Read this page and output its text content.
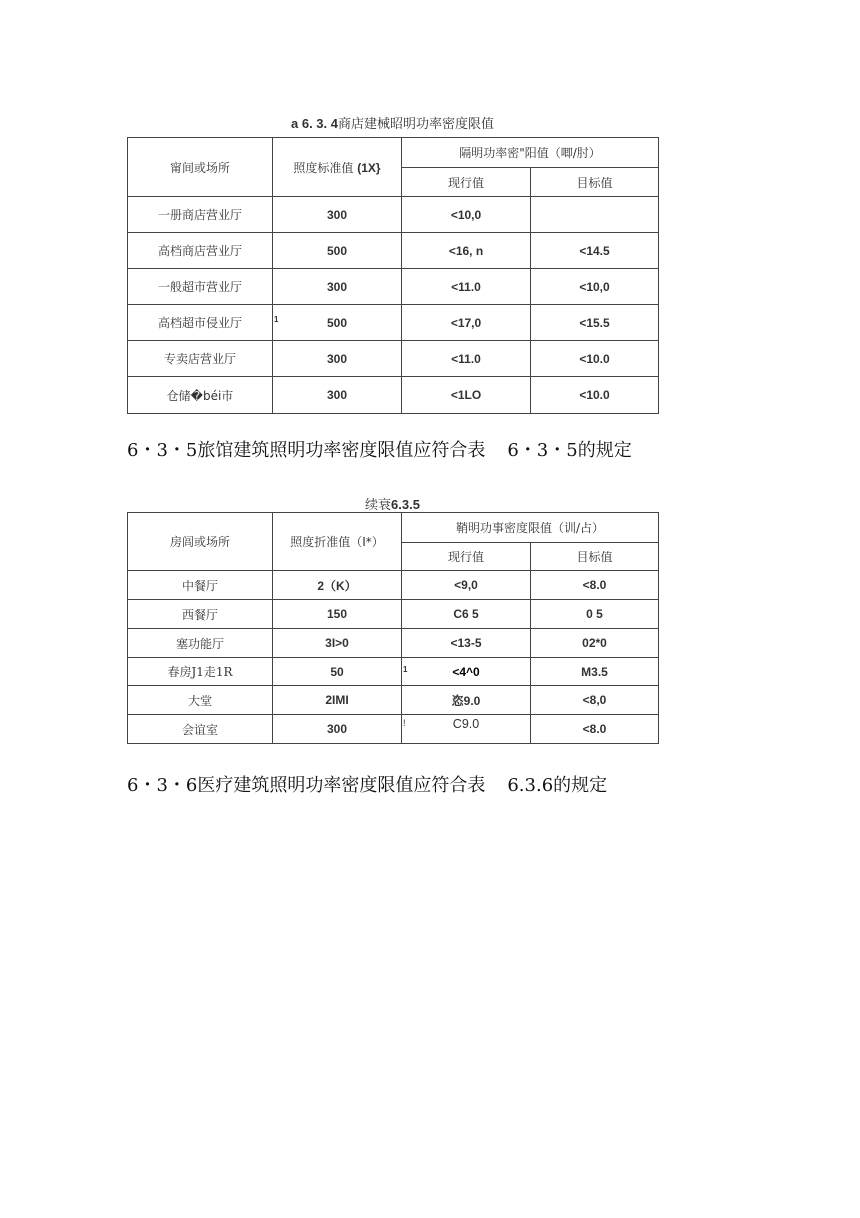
a 6. 3. 4商店建械昭明功率密度限值
甯间或场所	照度标准值 (1X}	隔明功率密"阳值（唧/肘）	
		现行值	目标值
一册商店营业厅	300	<10,0	
高档商店营业厅	500	<16, n	<14.5
一般超市营业厅	300	<11.0	<10,0
高档超市侵业厅	1 500	<17,0	<15.5
专卖店营业厅	300	<11.0	<10.0
仓储�béi市	300	<1LO	<10.0
6・3・5旅馆建筑照明功率密度限值应符合表 6・3・5的规定
续衰6.3.5
房闾或场所	照度折准值（I*）	鞘明功事密度限值（训/占）	
		现行值	目标值
中餐厅	2（K）	<9,0	<8.0
西餐厅	150	C6 5	0 5
塞功能厅	3I>0	<13-5	02*0
春房J1走1R	50	1 <4^0	M3.5
大堂	2IMI	恣9.0	<8,0
会谊室	300	! C9.0	<8.0
6・3・6医疗建筑照明功率密度限值应符合表 6.3.6的规定
